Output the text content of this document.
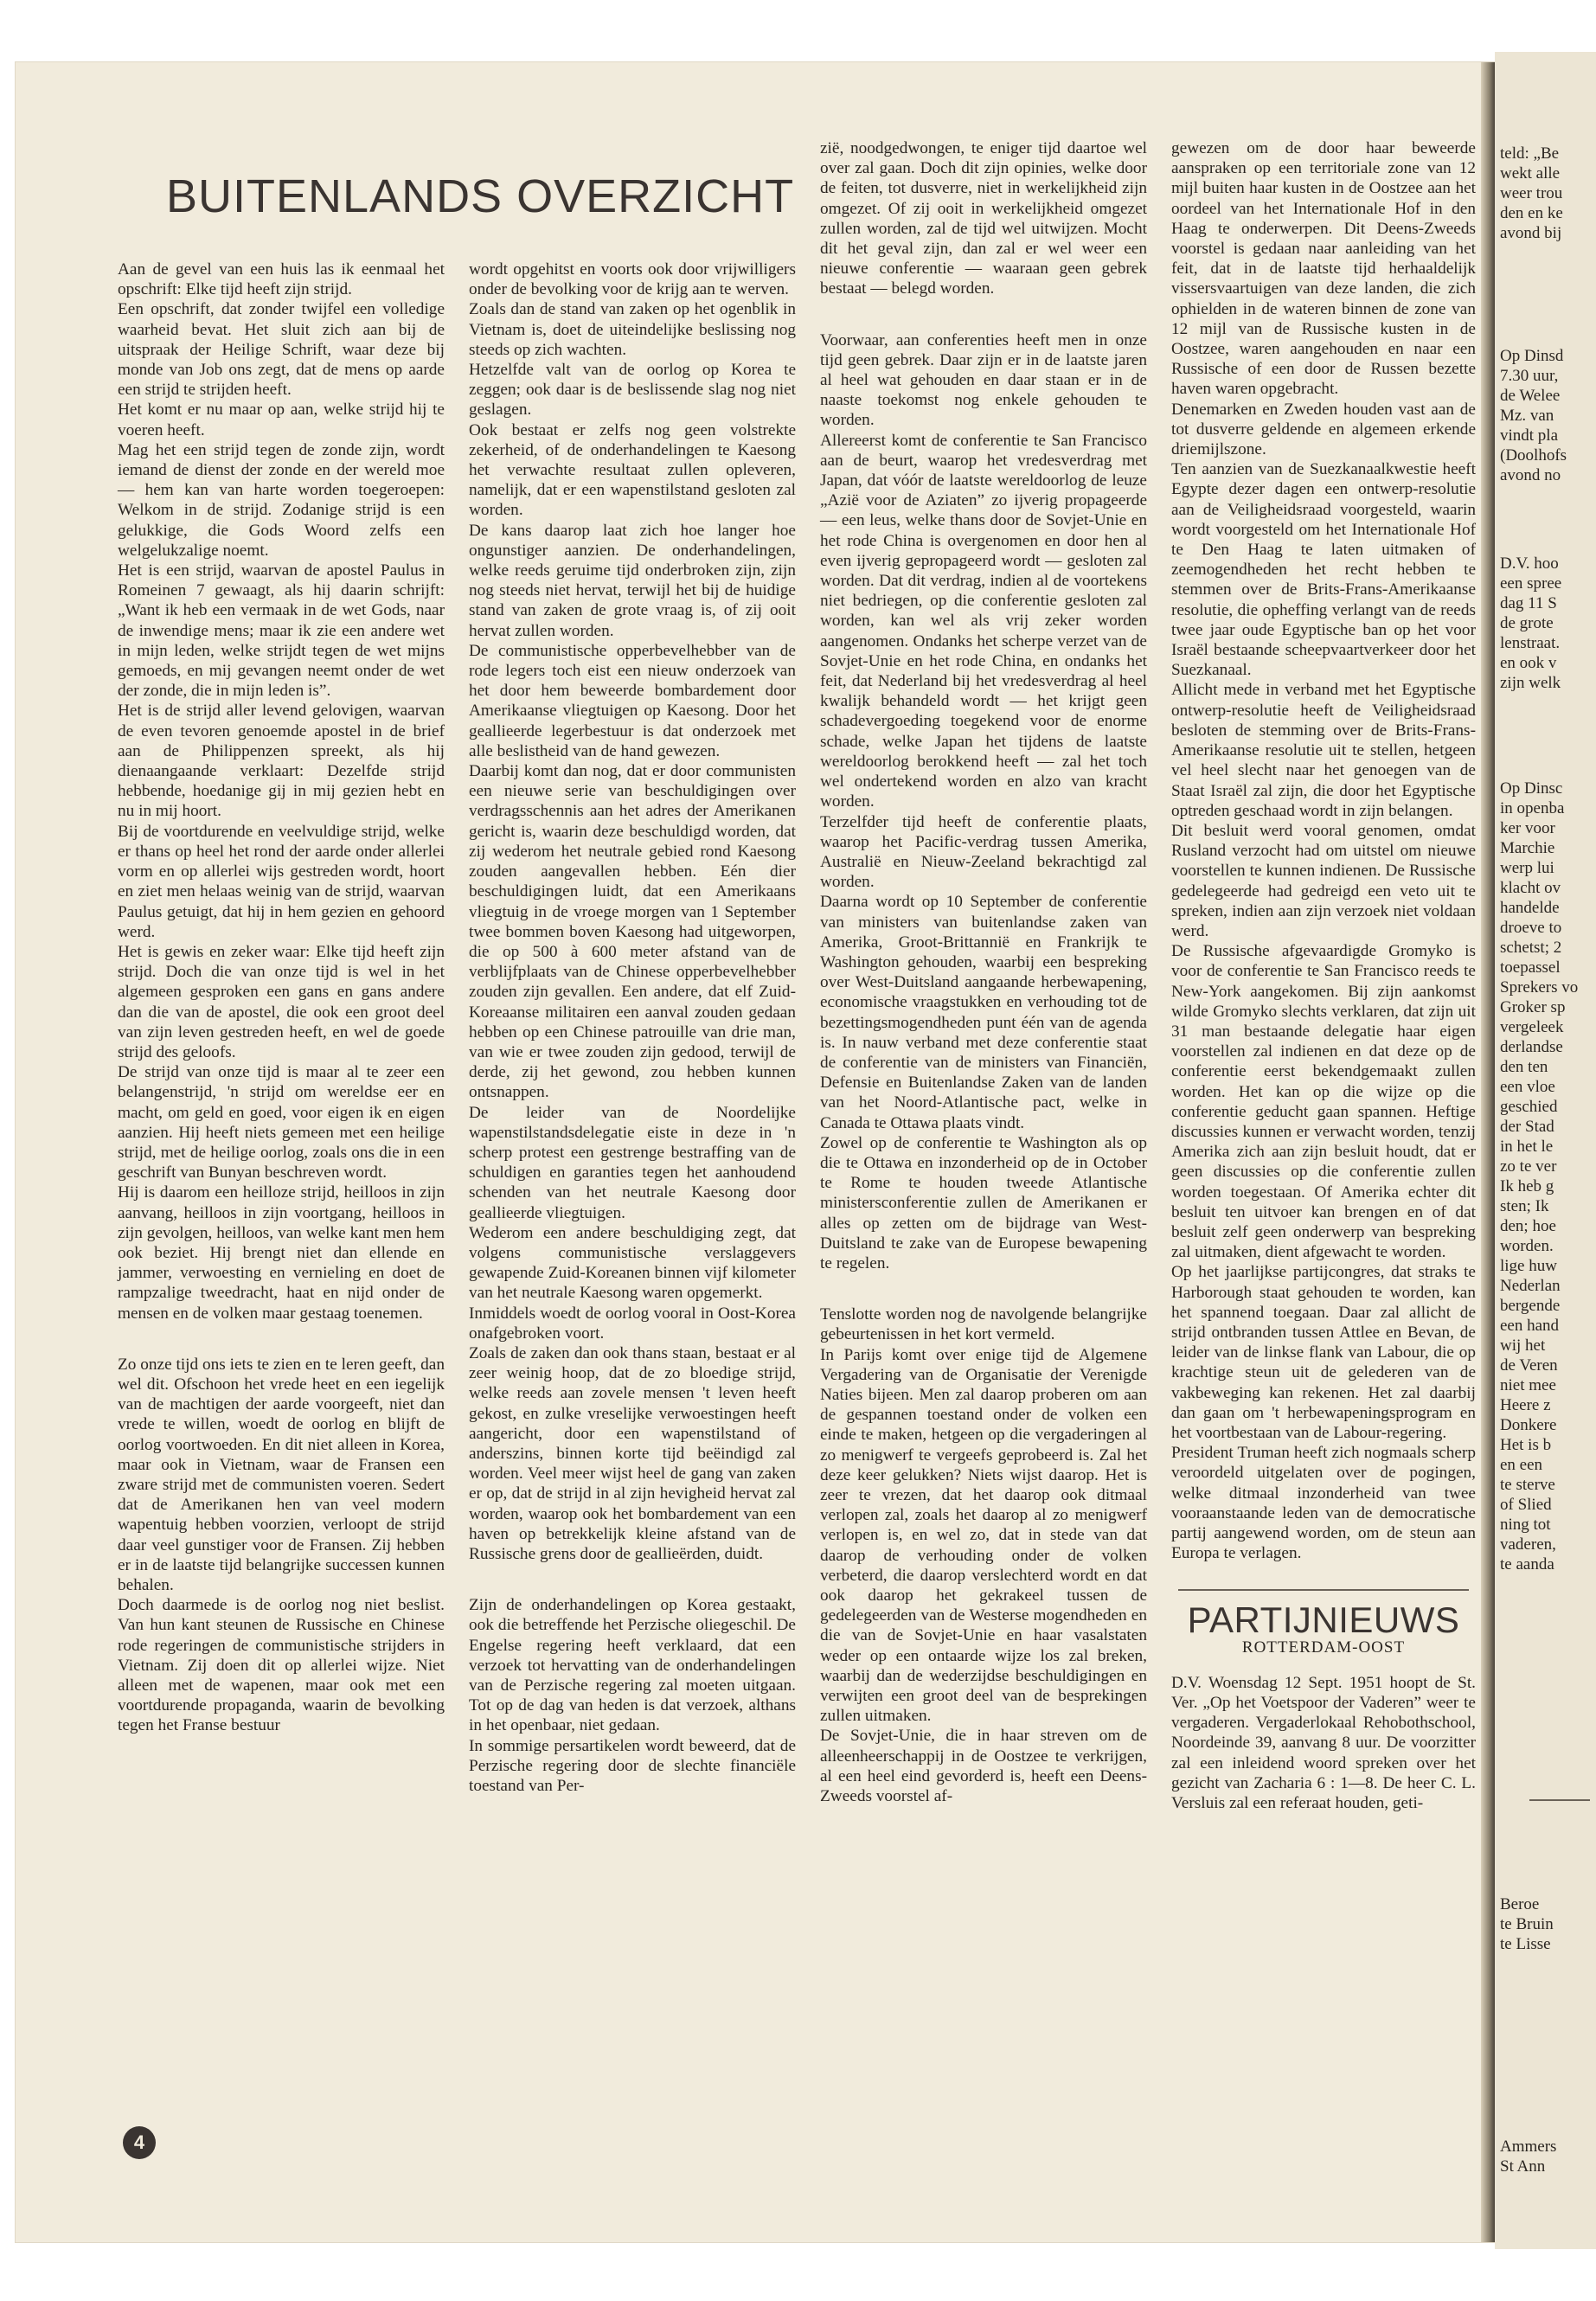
BUITENLANDS OVERZICHT

Aan de gevel van een huis las ik eenmaal het opschrift: Elke tijd heeft zijn strijd.

Een opschrift, dat zonder twijfel een volledige waarheid bevat. Het sluit zich aan bij de uitspraak der Heilige Schrift, waar deze bij monde van Job ons zegt, dat de mens op aarde een strijd te strijden heeft.

Het komt er nu maar op aan, welke strijd hij te voeren heeft.

Mag het een strijd tegen de zonde zijn, wordt iemand de dienst der zonde en der wereld moe — hem kan van harte worden toegeroepen: Welkom in de strijd. Zodanige strijd is een gelukkige, die Gods Woord zelfs een welgelukzalige noemt.

Het is een strijd, waarvan de apostel Paulus in Romeinen 7 gewaagt, als hij daarin schrijft: „Want ik heb een vermaak in de wet Gods, naar de inwendige mens; maar ik zie een andere wet in mijn leden, welke strijdt tegen de wet mijns gemoeds, en mij gevangen neemt onder de wet der zonde, die in mijn leden is”.

Het is de strijd aller levend gelovigen, waarvan de even tevoren genoemde apostel in de brief aan de Philippenzen spreekt, als hij dienaangaande verklaart: Dezelfde strijd hebbende, hoedanige gij in mij gezien hebt en nu in mij hoort.

Bij de voortdurende en veelvuldige strijd, welke er thans op heel het rond der aarde onder allerlei vorm en op allerlei wijs gestreden wordt, hoort en ziet men helaas weinig van de strijd, waarvan Paulus getuigt, dat hij in hem gezien en gehoord werd.

Het is gewis en zeker waar: Elke tijd heeft zijn strijd. Doch die van onze tijd is wel in het algemeen gesproken een gans en gans andere dan die van de apostel, die ook een groot deel van zijn leven gestreden heeft, en wel de goede strijd des geloofs.

De strijd van onze tijd is maar al te zeer een belangenstrijd, 'n strijd om wereldse eer en macht, om geld en goed, voor eigen ik en eigen aanzien. Hij heeft niets gemeen met een heilige strijd, met de heilige oorlog, zoals ons die in een geschrift van Bunyan beschreven wordt.

Hij is daarom een heilloze strijd, heilloos in zijn aanvang, heilloos in zijn voortgang, heilloos in zijn gevolgen, heilloos, van welke kant men hem ook beziet. Hij brengt niet dan ellende en jammer, verwoesting en vernieling en doet de rampzalige tweedracht, haat en nijd onder de mensen en de volken maar gestaag toenemen.

Zo onze tijd ons iets te zien en te leren geeft, dan wel dit. Ofschoon het vrede heet en een iegelijk van de machtigen der aarde voorgeeft, niet dan vrede te willen, woedt de oorlog en blijft de oorlog voortwoeden. En dit niet alleen in Korea, maar ook in Vietnam, waar de Fransen een zware strijd met de communisten voeren. Sedert dat de Amerikanen hen van veel modern wapentuig hebben voorzien, verloopt de strijd daar veel gunstiger voor de Fransen. Zij hebben er in de laatste tijd belangrijke successen kunnen behalen.

Doch daarmede is de oorlog nog niet beslist. Van hun kant steunen de Russische en Chinese rode regeringen de communistische strijders in Vietnam. Zij doen dit op allerlei wijze. Niet alleen met de wapenen, maar ook met een voortdurende propaganda, waarin de bevolking tegen het Franse bestuur

wordt opgehitst en voorts ook door vrijwilligers onder de bevolking voor de krijg aan te werven.

Zoals dan de stand van zaken op het ogenblik in Vietnam is, doet de uiteindelijke beslissing nog steeds op zich wachten.

Hetzelfde valt van de oorlog op Korea te zeggen; ook daar is de beslissende slag nog niet geslagen.

Ook bestaat er zelfs nog geen volstrekte zekerheid, of de onderhandelingen te Kaesong het verwachte resultaat zullen opleveren, namelijk, dat er een wapenstilstand gesloten zal worden.

De kans daarop laat zich hoe langer hoe ongunstiger aanzien. De onderhandelingen, welke reeds geruime tijd onderbroken zijn, zijn nog steeds niet hervat, terwijl het bij de huidige stand van zaken de grote vraag is, of zij ooit hervat zullen worden.

De communistische opperbevelhebber van de rode legers toch eist een nieuw onderzoek van het door hem beweerde bombardement door Amerikaanse vliegtuigen op Kaesong. Door het geallieerde legerbestuur is dat onderzoek met alle beslistheid van de hand gewezen.

Daarbij komt dan nog, dat er door communisten een nieuwe serie van beschuldigingen over verdragsschennis aan het adres der Amerikanen gericht is, waarin deze beschuldigd worden, dat zij wederom het neutrale gebied rond Kaesong zouden aangevallen hebben. Eén dier beschuldigingen luidt, dat een Amerikaans vliegtuig in de vroege morgen van 1 September twee bommen boven Kaesong had uitgeworpen, die op 500 à 600 meter afstand van de verblijfplaats van de Chinese opperbevelhebber zouden zijn gevallen. Een andere, dat elf Zuid-Koreaanse militairen een aanval zouden gedaan hebben op een Chinese patrouille van drie man, van wie er twee zouden zijn gedood, terwijl de derde, zij het gewond, zou hebben kunnen ontsnappen.

De leider van de Noordelijke wapenstilstandsdelegatie eiste in deze in 'n scherp protest een gestrenge bestraffing van de schuldigen en garanties tegen het aanhoudend schenden van het neutrale Kaesong door geallieerde vliegtuigen.

Wederom een andere beschuldiging zegt, dat volgens communistische verslaggevers gewapende Zuid-Koreanen binnen vijf kilometer van het neutrale Kaesong waren opgemerkt.

Inmiddels woedt de oorlog vooral in Oost-Korea onafgebroken voort.

Zoals de zaken dan ook thans staan, bestaat er al zeer weinig hoop, dat de zo bloedige strijd, welke reeds aan zovele mensen 't leven heeft gekost, en zulke vreselijke verwoestingen heeft aangericht, door een wapenstilstand of anderszins, binnen korte tijd beëindigd zal worden. Veel meer wijst heel de gang van zaken er op, dat de strijd in al zijn hevigheid hervat zal worden, waarop ook het bombardement van een haven op betrekkelijk kleine afstand van de Russische grens door de geallieërden, duidt.

Zijn de onderhandelingen op Korea gestaakt, ook die betreffende het Perzische oliegeschil. De Engelse regering heeft verklaard, dat een verzoek tot hervatting van de onderhandelingen van de Perzische regering zal moeten uitgaan. Tot op de dag van heden is dat verzoek, althans in het openbaar, niet gedaan.

In sommige persartikelen wordt beweerd, dat de Perzische regering door de slechte financiële toestand van Per-

zië, noodgedwongen, te eniger tijd daartoe wel over zal gaan. Doch dit zijn opinies, welke door de feiten, tot dusverre, niet in werkelijkheid zijn omgezet. Of zij ooit in werkelijkheid omgezet zullen worden, zal de tijd wel uitwijzen. Mocht dit het geval zijn, dan zal er wel weer een nieuwe conferentie — waaraan geen gebrek bestaat — belegd worden.

Voorwaar, aan conferenties heeft men in onze tijd geen gebrek. Daar zijn er in de laatste jaren al heel wat gehouden en daar staan er in de naaste toekomst nog enkele gehouden te worden.

Allereerst komt de conferentie te San Francisco aan de beurt, waarop het vredesverdrag met Japan, dat vóór de laatste wereldoorlog de leuze „Azië voor de Aziaten” zo ijverig propageerde — een leus, welke thans door de Sovjet-Unie en het rode China is overgenomen en door hen al even ijverig gepropageerd wordt — gesloten zal worden. Dat dit verdrag, indien al de voortekens niet bedriegen, op die conferentie gesloten zal worden, kan wel als vrij zeker worden aangenomen. Ondanks het scherpe verzet van de Sovjet-Unie en het rode China, en ondanks het feit, dat Nederland bij het vredesverdrag al heel kwalijk behandeld wordt — het krijgt geen schadevergoeding toegekend voor de enorme schade, welke Japan het tijdens de laatste wereldoorlog berokkend heeft — zal het toch wel ondertekend worden en alzo van kracht worden.

Terzelfder tijd heeft de conferentie plaats, waarop het Pacific-verdrag tussen Amerika, Australië en Nieuw-Zeeland bekrachtigd zal worden.

Daarna wordt op 10 September de conferentie van ministers van buitenlandse zaken van Amerika, Groot-Brittannië en Frankrijk te Washington gehouden, waarbij een bespreking over West-Duitsland aangaande herbewapening, economische vraagstukken en verhouding tot de bezettingsmogendheden punt één van de agenda is. In nauw verband met deze conferentie staat de conferentie van de ministers van Financiën, Defensie en Buitenlandse Zaken van de landen van het Noord-Atlantische pact, welke in Canada te Ottawa plaats vindt.

Zowel op de conferentie te Washington als op die te Ottawa en inzonderheid op de in October te Rome te houden tweede Atlantische ministersconferentie zullen de Amerikanen er alles op zetten om de bijdrage van West-Duitsland te zake van de Europese bewapening te regelen.

Tenslotte worden nog de navolgende belangrijke gebeurtenissen in het kort vermeld.

In Parijs komt over enige tijd de Algemene Vergadering van de Organisatie der Verenigde Naties bijeen. Men zal daarop proberen om aan de gespannen toestand onder de volken een einde te maken, hetgeen op die vergaderingen al zo menigwerf te vergeefs geprobeerd is. Zal het deze keer gelukken? Niets wijst daarop. Het is zeer te vrezen, dat het daarop ook ditmaal verlopen zal, zoals het daarop al zo menigwerf verlopen is, en wel zo, dat in stede van dat daarop de verhouding onder de volken verbeterd, die daarop verslechterd wordt en dat ook daarop het gekrakeel tussen de gedelegeerden van de Westerse mogendheden en die van de Sovjet-Unie en haar vasalstaten weder op een ontaarde wijze los zal breken, waarbij dan de wederzijdse beschuldigingen en verwijten een groot deel van de besprekingen zullen uitmaken.

De Sovjet-Unie, die in haar streven om de alleenheerschappij in de Oostzee te verkrijgen, al een heel eind gevorderd is, heeft een Deens-Zweeds voorstel af-

gewezen om de door haar beweerde aanspraken op een territoriale zone van 12 mijl buiten haar kusten in de Oostzee aan het oordeel van het Internationale Hof in den Haag te onderwerpen. Dit Deens-Zweeds voorstel is gedaan naar aanleiding van het feit, dat in de laatste tijd herhaaldelijk vissersvaartuigen van deze landen, die zich ophielden in de wateren binnen de zone van 12 mijl van de Russische kusten in de Oostzee, waren aangehouden en naar een Russische of een door de Russen bezette haven waren opgebracht.

Denemarken en Zweden houden vast aan de tot dusverre geldende en algemeen erkende driemijlszone.

Ten aanzien van de Suezkanaalkwestie heeft Egypte dezer dagen een ontwerp-resolutie aan de Veiligheidsraad voorgesteld, waarin wordt voorgesteld om het Internationale Hof te Den Haag te laten uitmaken of zeemogendheden het recht hebben te stemmen over de Brits-Frans-Amerikaanse resolutie, die opheffing verlangt van de reeds twee jaar oude Egyptische ban op het voor Israël bestaande scheepvaartverkeer door het Suezkanaal.

Allicht mede in verband met het Egyptische ontwerp-resolutie heeft de Veiligheidsraad besloten de stemming over de Brits-Frans-Amerikaanse resolutie uit te stellen, hetgeen vel heel slecht naar het genoegen van de Staat Israël zal zijn, die door het Egyptische optreden geschaad wordt in zijn belangen.

Dit besluit werd vooral genomen, omdat Rusland verzocht had om uitstel om nieuwe voorstellen te kunnen indienen. De Russische gedelegeerde had gedreigd een veto uit te spreken, indien aan zijn verzoek niet voldaan werd.

De Russische afgevaardigde Gromyko is voor de conferentie te San Francisco reeds te New-York aangekomen. Bij zijn aankomst wilde Gromyko slechts verklaren, dat zijn uit 31 man bestaande delegatie haar eigen voorstellen zal indienen en dat deze op de conferentie eerst bekendgemaakt zullen worden. Het kan op die wijze op die conferentie geducht gaan spannen. Heftige discussies kunnen er verwacht worden, tenzij Amerika zich aan zijn besluit houdt, dat er geen discussies op die conferentie zullen worden toegestaan. Of Amerika echter dit besluit ten uitvoer kan brengen en of dat besluit zelf geen onderwerp van bespreking zal uitmaken, dient afgewacht te worden.

Op het jaarlijkse partijcongres, dat straks te Harborough staat gehouden te worden, kan het spannend toegaan. Daar zal allicht de strijd ontbranden tussen Attlee en Bevan, de leider van de linkse flank van Labour, die op krachtige steun uit de gelederen van de vakbeweging kan rekenen. Het zal daarbij dan gaan om 't herbewapeningsprogram en het voortbestaan van de Labour-regering.

President Truman heeft zich nogmaals scherp veroordeld uitgelaten over de pogingen, welke ditmaal inzonderheid van twee vooraanstaande leden van de democratische partij aangewend worden, om de steun aan Europa te verlagen.

PARTIJNIEUWS
ROTTERDAM-OOST

D.V. Woensdag 12 Sept. 1951 hoopt de St. Ver. „Op het Voetspoor der Vaderen” weer te vergaderen. Vergaderlokaal Rehobothschool, Noordeinde 39, aanvang 8 uur. De voorzitter zal een inleidend woord spreken over het gezicht van Zacharia 6 : 1—8. De heer C. L. Versluis zal een referaat houden, geti-

4
teld: „Be
wekt alle
weer trou
den en ke
avond bij
Op Dinsd
7.30 uur,
de Welee
Mz. van
vindt pla
(Doolhofs
avond no
D.V. hoo
een spree
dag 11 S
de grote
lenstraat.
en ook v
zijn welk
Op Dinsc
in openba
ker voor
Marchie
werp lui
klacht ov
handelde
droeve to
schetst; 2
toepassel
Sprekers vo
Groker sp
vergeleek
derlandse
den ten
een vloe
geschied
der Stad
in het le
zo te ver
Ik heb g
sten; Ik
den; hoe
worden.
lige huw
Nederlan
bergende
een hand
wij het
de Veren
niet mee
Heere z
Donkere
Het is b
en een
te sterve
of Slied
ning tot
vaderen,
te aanda
Beroe
te Bruin
te Lisse
Ammers
St Ann
